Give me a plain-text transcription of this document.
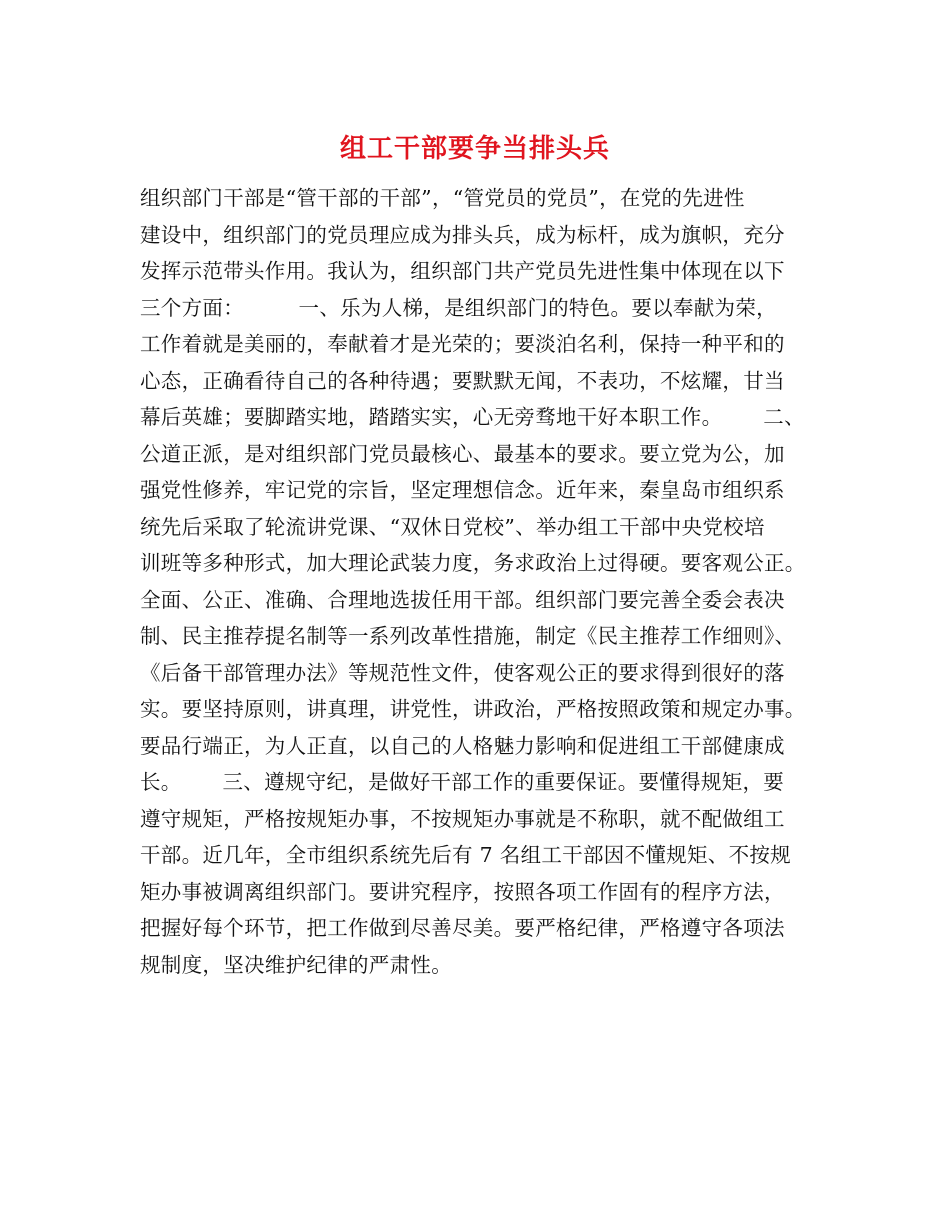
组工干部要争当排头兵
组织部门干部是“管干部的干部”，“管党员的党员”，在党的先进性
建设中，组织部门的党员理应成为排头兵，成为标杆，成为旗帜，充分
发挥示范带头作用。我认为，组织部门共产党员先进性集中体现在以下
三个方面：        一、乐为人梯，是组织部门的特色。要以奉献为荣，
工作着就是美丽的，奉献着才是光荣的；要淡泊名利，保持一种平和的
心态，正确看待自己的各种待遇；要默默无闻，不表功，不炫耀，甘当
幕后英雄；要脚踏实地，踏踏实实，心无旁骛地干好本职工作。      二、
公道正派，是对组织部门党员最核心、最基本的要求。要立党为公，加
强党性修养，牢记党的宗旨，坚定理想信念。近年来，秦皇岛市组织系
统先后采取了轮流讲党课、“双休日党校”、举办组工干部中央党校培
训班等多种形式，加大理论武装力度，务求政治上过得硬。要客观公正。
全面、公正、准确、合理地选拔任用干部。组织部门要完善全委会表决
制、民主推荐提名制等一系列改革性措施，制定《民主推荐工作细则》、
《后备干部管理办法》等规范性文件，使客观公正的要求得到很好的落
实。要坚持原则，讲真理，讲党性，讲政治，严格按照政策和规定办事。
要品行端正，为人正直，以自己的人格魅力影响和促进组工干部健康成
长。      三、遵规守纪，是做好干部工作的重要保证。要懂得规矩，要
遵守规矩，严格按规矩办事，不按规矩办事就是不称职，就不配做组工
干部。近几年，全市组织系统先后有 7 名组工干部因不懂规矩、不按规
矩办事被调离组织部门。要讲究程序，按照各项工作固有的程序方法，
把握好每个环节，把工作做到尽善尽美。要严格纪律，严格遵守各项法
规制度，坚决维护纪律的严肃性。
